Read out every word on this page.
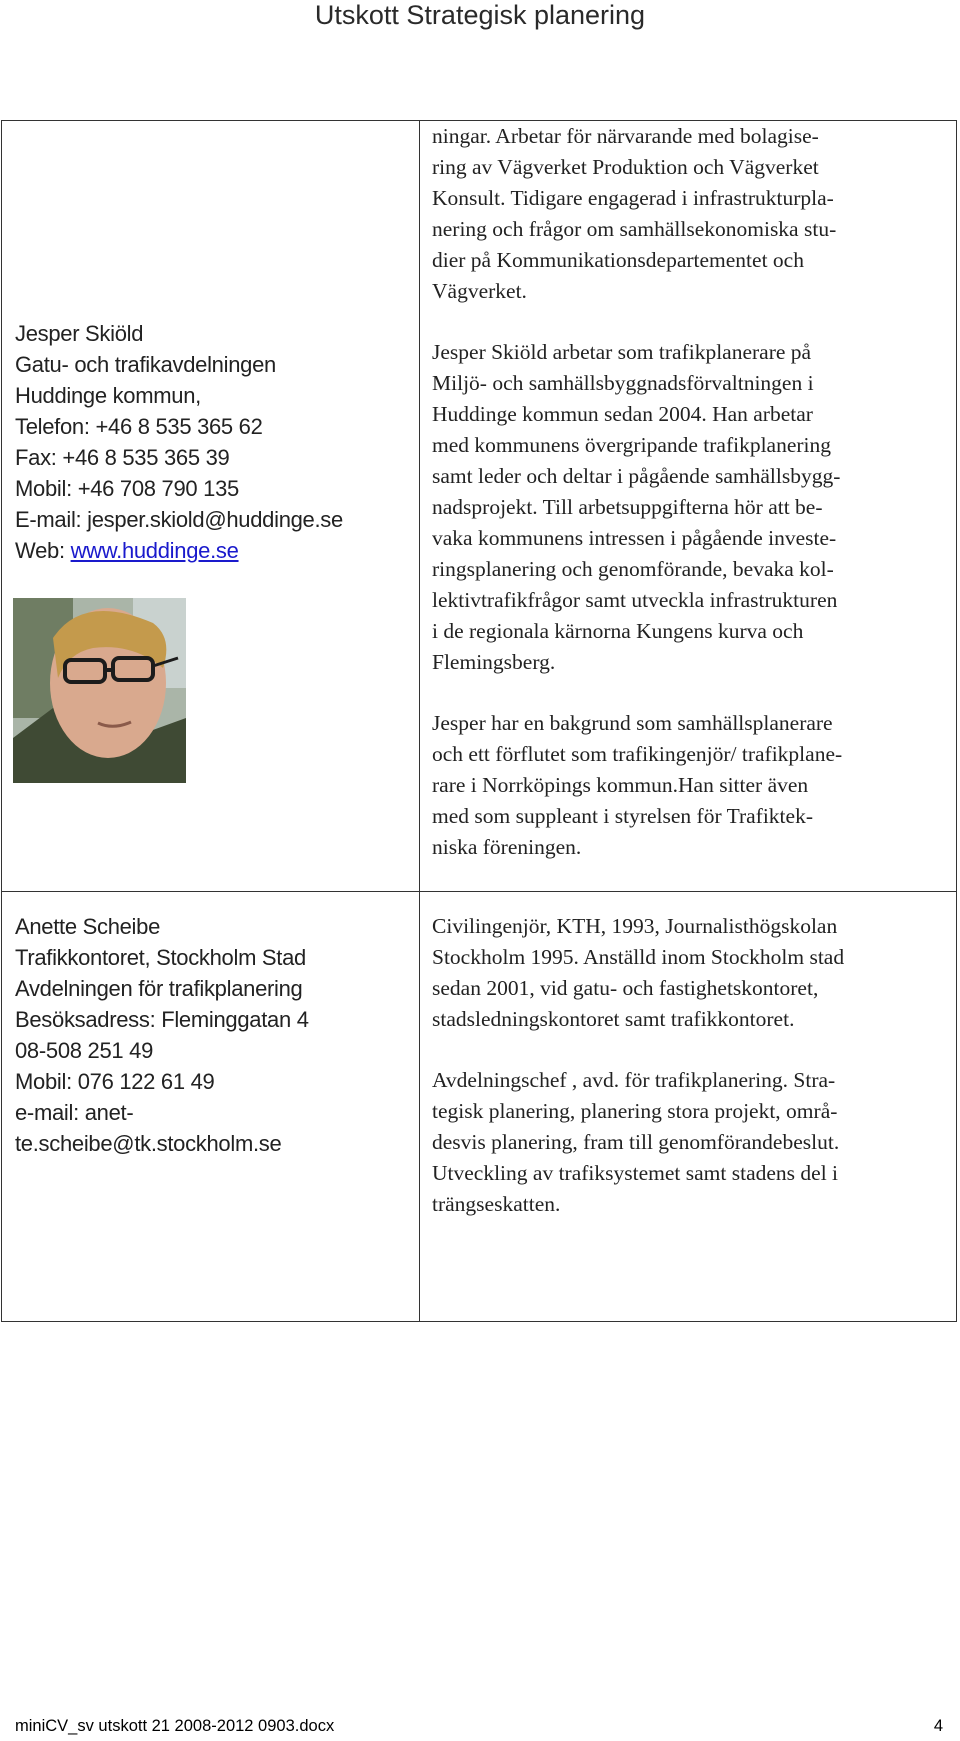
Utskott Strategisk planering
Jesper Skiöld
Gatu- och trafikavdelningen
Huddinge kommun,
Telefon: +46 8 535 365 62
Fax: +46 8 535 365 39
Mobil: +46 708 790 135
E-mail: jesper.skiold@huddinge.se
Web: www.huddinge.se
ningar. Arbetar för närvarande med bolagise-
ring av Vägverket Produktion och Vägverket
Konsult. Tidigare engagerad i infrastrukturpla-
nering och frågor om samhällsekonomiska stu-
dier på Kommunikationsdepartementet och
Vägverket.
Jesper Skiöld arbetar som trafikplanerare på
Miljö- och samhällsbyggnadsförvaltningen i
Huddinge kommun sedan 2004. Han arbetar
med kommunens övergripande trafikplanering
samt leder och deltar i pågående samhällsbygg-
nadsprojekt. Till arbetsuppgifterna hör att be-
vaka kommunens intressen i pågående investe-
ringsplanering och genomförande, bevaka kol-
lektivtrafikfrågor samt utveckla infrastrukturen
i de regionala kärnorna Kungens kurva och
Flemingsberg.
Jesper har en bakgrund som samhällsplanerare
och ett förflutet som trafikingenjör/ trafikplane-
rare i Norrköpings kommun.Han sitter även
med som suppleant i styrelsen för Trafiktek-
niska föreningen.
Anette Scheibe
Trafikkontoret, Stockholm Stad
Avdelningen för trafikplanering
Besöksadress: Fleminggatan 4
08-508 251 49
Mobil: 076 122 61 49
e-mail: anet-
te.scheibe@tk.stockholm.se
Civilingenjör, KTH, 1993, Journalisthögskolan
Stockholm 1995. Anställd inom Stockholm stad
sedan 2001, vid gatu- och fastighetskontoret,
stadsledningskontoret samt trafikkontoret.
Avdelningschef , avd. för trafikplanering. Stra-
tegisk planering, planering stora projekt, områ-
desvis planering, fram till genomförandebeslut.
Utveckling av trafiksystemet samt stadens del i
trängseskatten.
miniCV_sv utskott 21 2008-2012 0903.docx	4
